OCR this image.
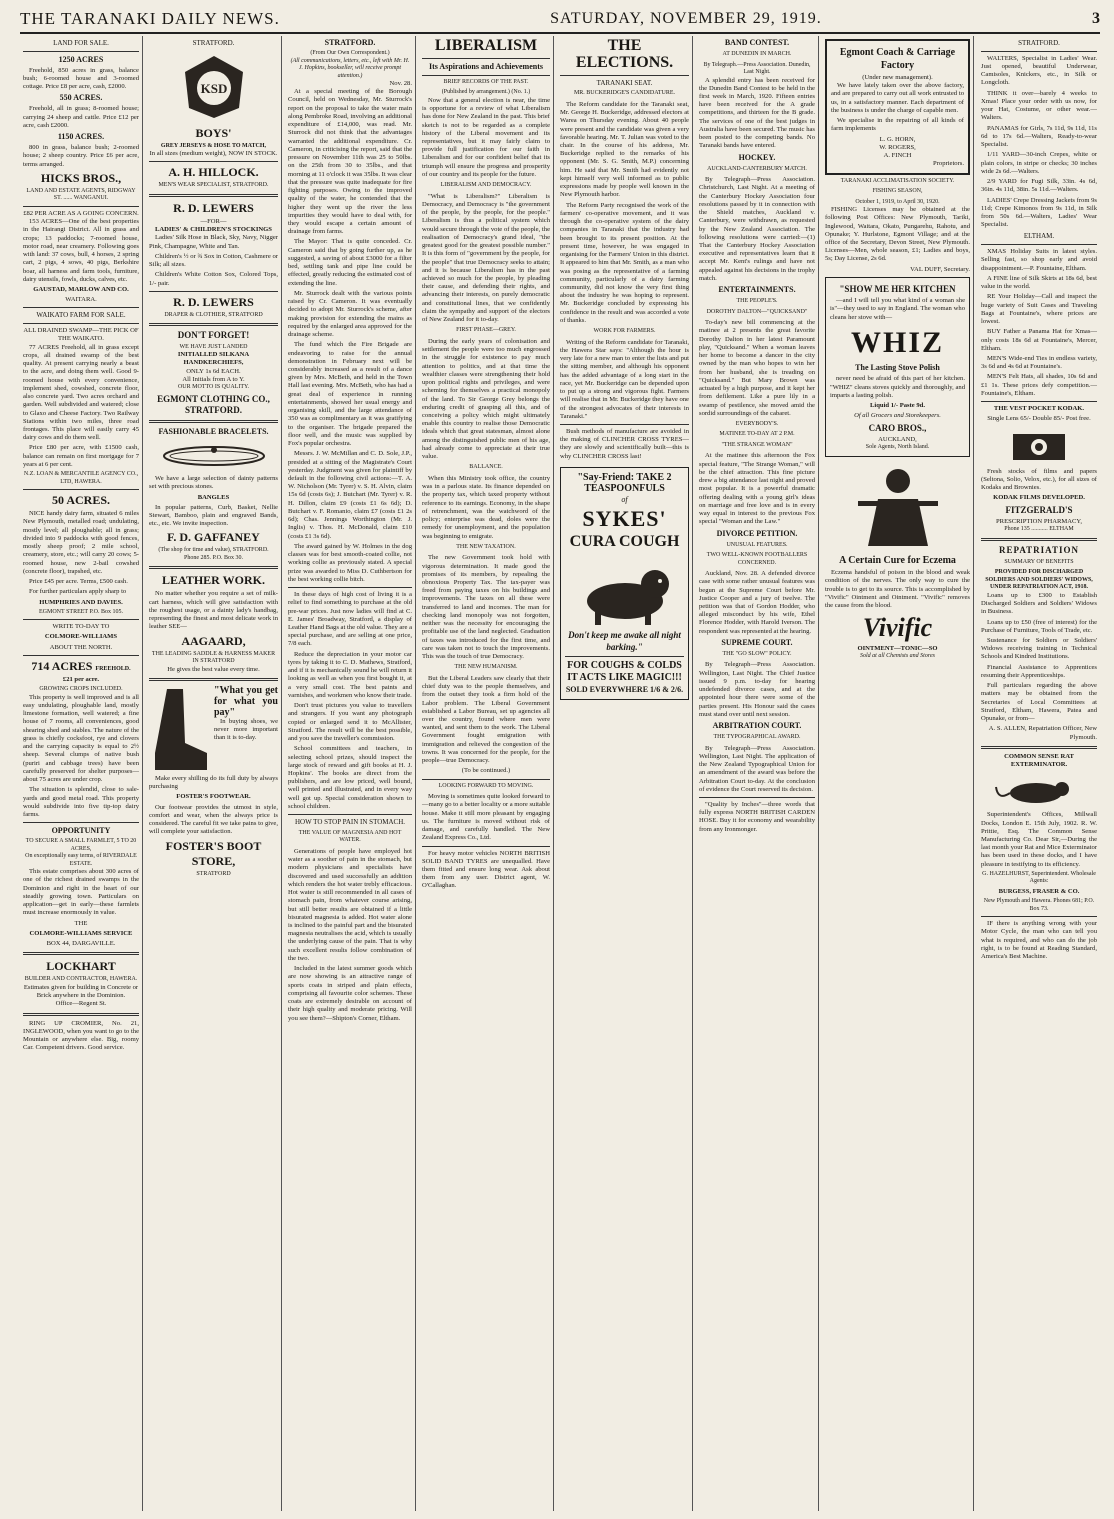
THE TARANAKI DAILY NEWS.	SATURDAY, NOVEMBER 29, 1919.	3
LAND FOR SALE.
1250 ACRES

Freehold, 850 acres in grass, balance bush; 6-roomed house and 3-roomed cottage. Price £8 per acre, cash, £2000.

550 ACRES.

Freehold, all in grass; 8-roomed house; carrying 24 sheep and cattle. Price £12 per acre, cash £2000.

1150 ACRES.

800 in grass, balance bush; 2-roomed house; 2 sheep country. Price £6 per acre, terms arranged.

HICKS BROS.,
LAND AND ESTATE AGENTS, RIDGWAY ST. ...... WANGANUI.
£82 PER ACRE AS A GOING CONCERN.

153 ACRES—One of the best properties in the Hairangi District. All in grass and crops; 13 paddocks; 7-roomed house, motor road, near creamery. Following goes with land: 37 cows, bull, 4 horses, 2 spring cart, 2 pigs, 4 sows, 40 pigs, Berkshire boar, all harness and farm tools, furniture, dairy utensils, fowls, ducks, calves, etc.

GAUSTAD, MARLOW AND CO.
WAITARA.
WAIKATO FARM FOR SALE.
ALL DRAINED SWAMP—THE PICK OF THE WAIKATO.

77 ACRES Freehold, all in grass except crops, all drained swamp of the best quality. At present carrying nearly a beast to the acre, and doing them well. Good 9-roomed house with every convenience, implement shed, cowshed, concrete floor, also concrete yard. Two acres orchard and garden. Well subdivided and watered; close to Glaxo and Cheese Factory. Two Railway Stations within two miles, three road frontages. This place will easily carry 45 dairy cows and do them well.

Price £80 per acre, with £1500 cash, balance can remain on first mortgage for 7 years at 6 per cent.

N.Z. LOAN & MERCANTILE AGENCY CO., LTD, HAWERA.
50 ACRES.

NICE handy dairy farm, situated 6 miles New Plymouth, metalled road; undulating, mostly level; all ploughable; all in grass; divided into 9 paddocks with good fences, mostly sheep proof; 2 mile school, creamery, store, etc.; will carry 20 cows; 5-roomed house, new 2-bail cowshed (concrete floor), trapshed, etc.

Price £45 per acre. Terms, £500 cash.

For further particulars apply sharp to

HUMPHRIES AND DAVIES.
EGMONT STREET P.O. Box 105.
WRITE TO-DAY TO
COLMORE-WILLIAMS
ABOUT THE NORTH.
714 ACRES FREEHOLD.
£21 per acre.
GROWING CROPS INCLUDED.

This property is well improved and is all easy undulating, ploughable land, mostly limestone formation, well watered; a fine house of 7 rooms, all conveniences, good shearing shed and stables. The nature of the grass is chiefly cocksfoot, rye and clovers and the carrying capacity is equal to 2½ sheep. Several clumps of native bush (puriri and cabbage trees) have been carefully preserved for shelter purposes—about 75 acres are under crop.

The situation is splendid, close to sale-yards and good metal road. This property would subdivide into five tip-top dairy farms.

OPPORTUNITY
TO SECURE A SMALL FARMLET, 5 TO 20 ACRES,
On exceptionally easy terms, of RIVERDALE ESTATE.

This estate comprises about 300 acres of one of the richest drained swamps in the Dominion and right in the heart of our steadily growing town. Particulars on application—get in early—these farmlets must increase enormously in value.

THE
COLMORE-WILLIAMS SERVICE
BOX 44, DARGAVILLE.
LOCKHART
BUILDER AND CONTRACTOR, HAWERA.
Estimates given for building in Concrete or Brick anywhere in the Dominion.
Office—Regent St.

RING UP CROMIER, No. 21, INGLEWOOD, when you want to go to the Mountain or anywhere else. Big, roomy Car. Competent drivers. Good service.

STRATFORD.
KSD
BOYS'
GREY JERSEYS & HOSE TO MATCH,
In all sizes (medium weight), NOW IN STOCK.
A. H. HILLOCK.
MEN'S WEAR SPECIALIST, STRATFORD.
R. D. LEWERS
—FOR—
LADIES' & CHILDREN'S STOCKINGS

Ladies' Silk Hose in Black, Sky, Navy, Nigger Pink, Champagne, White and Tan.

Children's ½ or ¾ Sox in Cotton, Cashmere or Silk; all sizes.

Children's White Cotton Sox, Colored Tops, 1/- pair.

R. D. LEWERS
DRAPER & CLOTHIER, STRATFORD
DON'T FORGET!
WE HAVE JUST LANDED
INITIALLED SILKANA HANDKERCHIEFS,
ONLY 1s 6d EACH.
All Initials from A to Y.
OUR MOTTO IS QUALITY.
EGMONT CLOTHING CO., STRATFORD.
FASHIONABLE BRACELETS.

We have a large selection of dainty patterns set with precious stones.

BANGLES

In popular patterns, Curb, Basket, Nellie Stewart, Bamboo, plain and engraved Bands, etc., etc. We invite inspection.

F. D. GAFFANEY
(The shop for time and value), STRATFORD.
Phone 285. P.O. Box 30.
LEATHER WORK.

No matter whether you require a set of milk-cart harness, which will give satisfaction with the roughest usage, or a dainty lady's handbag, representing the finest and most delicate work in leather SEE—

AAGAARD,
THE LEADING SADDLE & HARNESS MAKER IN STRATFORD
He gives the best value every time.
"What you get for what you pay"

In buying shoes, we never more important than it is to-day.

Make every shilling do its full duty by always purchasing

FOSTER'S FOOTWEAR.

Our footwear provides the utmost in style, comfort and wear, when the always price is considered. The careful fit we take pains to give, will complete your satisfaction.

FOSTER'S BOOT STORE,
STRATFORD
STRATFORD.
(From Our Own Correspondent.)
(All communications, letters, etc., left with Mr. H. J. Hopkins, bookseller, will receive prompt attention.)
Nov. 28.

At a special meeting of the Borough Council, held on Wednesday, Mr. Sturrock's report on the proposal to take the water main along Pembroke Road, involving an additional expenditure of £14,000, was read. Mr. Sturrock did not think that the advantages warranted the additional expenditure. Cr. Cameron, in criticising the report, said that the pressure on November 11th was 25 to 50lbs. on the 25th from 30 to 35lbs., and that morning at 11 o'clock it was 35lbs. It was clear that the pressure was quite inadequate for fire fighting purposes. Owing to the improved quality of the water, he contended that the higher they went up the river the less impurities they would have to deal with, for they would escape a certain amount of drainage from farms.

The Mayor: That is quite conceded. Cr. Cameron said that by going further up, as he suggested, a saving of about £3000 for a filter bed, settling tank and pipe line could be effected, greatly reducing the estimated cost of extending the line.

Mr. Sturrock dealt with the various points raised by Cr. Cameron. It was eventually decided to adopt Mr. Sturrock's scheme, after making provision for extending the mains as required by the enlarged area approved for the drainage scheme.

The fund which the Fire Brigade are endeavoring to raise for the annual demonstration in February next will be considerably increased as a result of a dance given by Mrs. McBeth, and held in the Town Hall last evening. Mrs. McBeth, who has had a great deal of experience in running entertainments, showed her usual energy and organising skill, and the large attendance of 350 was as complimentary as it was gratifying to the organiser. The brigade prepared the floor well, and the music was supplied by Fox's popular orchestra.

Messrs. J. W. McMillan and C. D. Sole, J.P., presided at a sitting of the Magistrate's Court yesterday. Judgment was given for plaintiff by default in the following civil actions:—T. A. W. Nicholson (Mr. Tyrer) v. S. H. Alvin, claim 15s 6d (costs 6s); J. Butchart (Mr. Tyrer) v. R. H. Dillon, claim £9 (costs £1 6s 6d); D. Butchart v. F. Romanio, claim £7 (costs £1 2s 6d); Chas. Jennings Worthington (Mr. J. Inglis) v. Thos. H. McDonald, claim £10 (costs £1 3s 6d).

The award gained by W. Holmes in the dog classes was for best smooth-coated collie, not working collie as previously stated. A special prize was awarded to Miss D. Cuthbertson for the best working collie bitch.

In these days of high cost of living it is a relief to find something to purchase at the old pre-war prices. Just now ladies will find at C. E. James' Broadway, Stratford, a display of Leather Hand Bags at the old value. They are a special purchase, and are selling at one price, 7/8 each.

Reduce the depreciation in your motor car tyres by taking it to C. D. Mathews, Stratford, and if it is mechanically sound he will return it looking as well as when you first bought it, at a very small cost. The best paints and varnishes, and workmen who know their trade.

Don't trust pictures you value to travellers and strangers. If you want any photograph copied or enlarged send it to McAllister, Stratford. The result will be the best possible, and you save the traveller's commission.

School committees and teachers, in selecting school prizes, should inspect the large stock of reward and gift books at H. J. Hopkins'. The books are direct from the publishers, and are low priced, well bound, well printed and illustrated, and in every way well got up. Special consideration shown to school children.

HOW TO STOP PAIN IN STOMACH.
THE VALUE OF MAGNESIA AND HOT WATER.

Generations of people have employed hot water as a soother of pain in the stomach, but modern physicians and specialists have discovered and used successfully an addition which renders the hot water trebly efficacious. Hot water is still recommended in all cases of stomach pain, from whatever course arising, but still better results are obtained if a little bisurated magnesia is added. Hot water alone is inclined to the painful part and the bisurated magnesia neutralises the acid, which is usually the underlying cause of the pain. That is why such excellent results follow combination of the two.

Included in the latest summer goods which are now showing is an attractive range of sports coats in striped and plain effects, comprising all favourite color schemes. These coats are extremely desirable on account of their high quality and moderate pricing. Will you see them?—Shipton's Corner, Eltham.

LIBERALISM
Its Aspirations and Achievements
BRIEF RECORDS OF THE PAST.
(Published by arrangement.) (No. 1.)

Now that a general election is near, the time is opportune for a review of what Liberalism has done for New Zealand in the past. This brief sketch is not to be regarded as a complete history of the Liberal movement and its representatives, but it may fairly claim to provide full justification for our faith in Liberalism and for our confident belief that its triumph will ensure the progress and prosperity of our country and its people for the future.

LIBERALISM AND DEMOCRACY.

"What is Liberalism?" Liberalism is Democracy, and Democracy is "the government of the people, by the people, for the people." Liberalism is thus a political system which would secure through the vote of the people, the realisation of Democracy's grand ideal, "the greatest good for the greatest possible number." It is this form of "government by the people, for the people" that true Democracy seeks to attain; and it is because Liberalism has in the past achieved so much for the people, by pleading their cause, and defending their rights, and advancing their interests, on purely democratic and constitutional lines, that we confidently claim the sympathy and support of the electors of New Zealand for it to-day.

FIRST PHASE—GREY.

During the early years of colonisation and settlement the people were too much engrossed in the struggle for existence to pay much attention to politics, and at that time the wealthier classes were strengthening their hold upon political rights and privileges, and were scheming for themselves a practical monopoly of the land. To Sir George Grey belongs the enduring credit of grasping all this, and of conceiving a policy which might ultimately enable this country to realise those Democratic ideals which that great statesman, almost alone among the distinguished public men of his age, had already come to appreciate at their true value.

BALLANCE.

When this Ministry took office, the country was in a parlous state. Its finance depended on the property tax, which taxed property without reference to its earnings. Economy, in the shape of retrenchment, was the watchword of the policy; enterprise was dead, doles were the remedy for unemployment, and the population was beginning to emigrate.

THE NEW TAXATION.

The new Government took hold with vigorous determination. It made good the promises of its members, by repealing the obnoxious Property Tax. The tax-payer was freed from paying taxes on his buildings and improvements. The taxes on all these were transferred to land and incomes. The man for checking land monopoly was not forgotten, neither was the necessity for encouraging the profitable use of the land neglected. Graduation of taxes was introduced for the first time, and care was taken not to touch the improvements. This was the touch of true Democracy.

THE NEW HUMANISM.

But the Liberal Leaders saw clearly that their chief duty was to the people themselves, and from the outset they took a firm hold of the Labor problem. The Liberal Government established a Labor Bureau, set up agencies all over the country, found where men were wanted, and sent them to the work. The Liberal Government fought emigration with immigration and relieved the congestion of the towns. It was concerned for the people, for the people—true Democracy.

(To be continued.)
LOOKING FORWARD TO MOVING.

Moving is sometimes quite looked forward to—many go to a better locality or a more suitable house. Make it still more pleasant by engaging us. The furniture is moved without risk of damage, and carefully handled. The New Zealand Express Co., Ltd.

For heavy motor vehicles NORTH BRITISH SOLID BAND TYRES are unequalled. Have them fitted and ensure long wear. Ask about them from any user. District agent, W. O'Callaghan.

THE ELECTIONS.
TARANAKI SEAT.
MR. BUCKERIDGE'S CANDIDATURE.

The Reform candidate for the Taranaki seat, Mr. George H. Buckeridge, addressed electors at Warea on Thursday evening. About 40 people were present and the candidate was given a very favorable hearing. Mr. T. Julian was voted to the chair. In the course of his address, Mr. Buckeridge replied to the remarks of his opponent (Mr. S. G. Smith, M.P.) concerning him. He said that Mr. Smith had evidently not kept himself very well informed as to public expressions made by people well known in the New Plymouth harbor.

The Reform Party recognised the work of the farmers' co-operative movement, and it was through the co-operative system of the dairy companies in Taranaki that the industry had been brought to its present position. At the present time, however, he was engaged in organising for the Farmers' Union in this district. It appeared to him that Mr. Smith, as a man who was posing as the representative of a farming community, particularly of a dairy farming community, did not know the very first thing about the industry he was hoping to represent. Mr. Buckeridge concluded by expressing his confidence in the result and was accorded a vote of thanks.

WORK FOR FARMERS.

Writing of the Reform candidate for Taranaki, the Hawera Star says: "Although the hour is very late for a new man to enter the lists and put the sitting member, and although his opponent has the added advantage of a long start in the race, yet Mr. Buckeridge can be depended upon to put up a strong and vigorous fight. Farmers will realise that in Mr. Buckeridge they have one of the strongest advocates of their interests in Taranaki."

Bush methods of manufacture are avoided in the making of CLINCHER CROSS TYRES—they are slowly and scientifically built—this is why CLINCHER CROSS last!

"Say-Friend: TAKE 2 TEASPOONFULS
of
SYKES'
CURA COUGH
Don't keep me awake all night barking."
FOR COUGHS & COLDS
IT ACTS LIKE MAGIC!!!
SOLD EVERYWHERE 1/6 & 2/6.
BAND CONTEST.
AT DUNEDIN IN MARCH.
By Telegraph.—Press Association. Dunedin, Last Night.

A splendid entry has been received for the Dunedin Band Contest to be held in the first week in March, 1920. Fifteen entries have been received for the A grade competitions, and thirteen for the B grade. The services of one of the best judges in Australia have been secured. The music has been posted to the competing bands. No Taranaki bands have entered.

HOCKEY.
AUCKLAND-CANTERBURY MATCH.

By Telegraph—Press Association. Christchurch, Last Night. At a meeting of the Canterbury Hockey Association four resolutions passed by it in connection with the Shield matches, Auckland v. Canterbury, were withdrawn, as requested by the New Zealand Association. The following resolutions were carried:—(1) That the Canterbury Hockey Association executive and representatives learn that it accept Mr. Kent's rulings and have not appealed against his decisions in the trophy match.

ENTERTAINMENTS.
THE PEOPLE'S.
DOROTHY DALTON—"QUICKSAND"

To-day's new bill commencing at the matinee at 2 presents the great favorite Dorothy Dalton in her latest Paramount play, "Quicksand." When a woman leaves her home to become a dancer in the city owned by the man who hopes to win her from her husband, she is treading on "Quicksand." But Mary Brown was actuated by a high purpose, and it kept her from defilement. Like a pure lily in a swamp of pestilence, she moved amid the sordid surroundings of the cabaret.

EVERYBODY'S.
MATINEE TO-DAY AT 2 P.M.
"THE STRANGE WOMAN"

At the matinee this afternoon the Fox special feature, "The Strange Woman," will be the chief attraction. This fine picture drew a big attendance last night and proved most popular. It is a powerful dramatic offering dealing with a young girl's ideas on marriage and free love and is in every way equal in interest to the previous Fox special "Woman and the Law."

DIVORCE PETITION.
UNUSUAL FEATURES.
TWO WELL-KNOWN FOOTBALLERS CONCERNED.

Auckland, Nov. 28. A defended divorce case with some rather unusual features was begun at the Supreme Court before Mr. Justice Cooper and a jury of twelve. The petition was that of Gordon Hodder, who alleged misconduct by his wife, Ethel Florence Hodder, with Harold Iverson. The respondent was represented at the hearing.

SUPREME COURT.
THE "GO SLOW" POLICY.

By Telegraph—Press Association. Wellington, Last Night. The Chief Justice issued 9 p.m. to-day for hearing undefended divorce cases, and at the appointed hour there were some of the parties present. His Honour said the cases must stand over until next session.

ARBITRATION COURT.
THE TYPOGRAPHICAL AWARD.

By Telegraph—Press Association. Wellington, Last Night. The application of the New Zealand Typographical Union for an amendment of the award was before the Arbitration Court to-day. At the conclusion of evidence the Court reserved its decision.

"Quality by Inches"—three words that fully express NORTH BRITISH CARDEN HOSE. Buy it for economy and wearability from any Ironmonger.

Egmont Coach & Carriage Factory
(Under new management).

We have lately taken over the above factory, and are prepared to carry out all work entrusted to us, in a satisfactory manner. Each department of the business is under the charge of capable men.

We specialise in the repairing of all kinds of farm implements

L. G. HORN,
W. ROGERS,
A. FINCH
Proprietors.
TARANAKI ACCLIMATISATION SOCIETY.
FISHING SEASON,
October 1, 1919, to April 30, 1920.

FISHING Licenses may be obtained at the following Post Offices: New Plymouth, Tariki, Inglewood, Waitara, Okato, Pungarehu, Rahotu, and Opunake; Y. Hurlstone, Egmont Village; and at the office of the Secretary, Devon Street, New Plymouth. Licenses—Men, whole season, £1; Ladies and boys, 5s; Day License, 2s 6d.

VAL DUFF, Secretary.
"SHOW ME HER KITCHEN

—and I will tell you what kind of a woman she is"—they used to say in England. The woman who cleans her stove with—

WHIZ
The Lasting Stove Polish

never need be afraid of this part of her kitchen. "WHIZ" cleans stoves quickly and thoroughly, and imparts a lasting polish.

Liquid 1/- Paste 9d.
Of all Grocers and Storekeepers.
CARO BROS.,
AUCKLAND,
Sole Agents, North Island.
A Certain Cure for Eczema

Eczema handsful of poison in the blood and weak condition of the nerves. The only way to cure the trouble is to get to its source. This is accomplished by "Vivific" Ointment and Ointment. "Vivific" removes the cause from the blood.

Vivific
OINTMENT—TONIC—SO
Sold at all Chemists and Stores
STRATFORD.

WALTERS, Specialist in Ladies' Wear. Just opened, beautiful Underwear, Camisoles, Knickers, etc., in Silk or Longcloth.

THINK it over—barely 4 weeks to Xmas! Place your order with us now, for your Hat, Costume, or other wear.—Walters.

PANAMAS for Girls, 7s 11d, 9s 11d, 11s 6d to 17s 6d.—Walters, Ready-to-wear Specialist.

1/11 YARD—30-inch Crepes, white or plain colors, in stripe or checks; 30 inches wide 2s 6d.—Walters.

2/9 YARD for Fugi Silk, 33in. 4s 6d, 36in. 4s 11d, 38in. 5s 11d.—Walters.

LADIES' Crepe Dressing Jackets from 9s 11d; Crepe Kimonos from 9s 11d, in Silk from 50s 6d.—Walters, Ladies' Wear Specialist.

ELTHAM.

XMAS Holiday Suits in latest styles. Selling fast, so shop early and avoid disappointment.—P. Fountaine, Eltham.

A FINE line of Silk Skirts at 18s 6d, best value in the world.

RE Your Holiday—Call and inspect the huge variety of Suit Cases and Traveling Bags at Fountaine's, where prices are lowest.

BUY Father a Panama Hat for Xmas—only costs 18s 6d at Fountaine's, Mercer, Eltham.

MEN'S Wide-end Ties in endless variety, 3s 6d and 4s 6d at Fountaine's.

MEN'S Felt Hats, all shades, 10s 6d and £1 1s. These prices defy competition.—Fountaine's, Eltham.

THE VEST POCKET KODAK.
Single Lens 65/- Double 85/- Post free.

Fresh stocks of films and papers (Seltona, Solio, Velox, etc.), for all sizes of Kodaks and Brownies.

KODAK FILMS DEVELOPED.
FITZGERALD'S
PRESCRIPTION PHARMACY,
Phone 135 ........... ELTHAM
REPATRIATION
SUMMARY OF BENEFITS
PROVIDED FOR DISCHARGED SOLDIERS AND SOLDIERS' WIDOWS, UNDER REPATRIATION ACT, 1918.

Loans up to £300 to Establish Discharged Soldiers and Soldiers' Widows in Business.

Loans up to £50 (free of interest) for the Purchase of Furniture, Tools of Trade, etc.

Sustenance for Soldiers or Soldiers' Widows receiving training in Technical Schools and Kindred Institutions.

Financial Assistance to Apprentices resuming their Apprenticeships.

Full particulars regarding the above matters may be obtained from the Secretaries of Local Committees at Stratford, Eltham, Hawera, Patea and Opunake, or from—

A. S. ALLEN, Repatriation Officer, New Plymouth.
COMMON SENSE RAT EXTERMINATOR.

Superintendent's Offices, Millwall Docks, London E. 15th July, 1902. R. W. Prittie, Esq. The Common Sense Manufacturing Co. Dear Sir,—During the last month your Rat and Mice Exterminator has been used in these docks, and I have pleasure in testifying to its efficiency.

G. HAZELHURST, Superintendent. Wholesale Agents:
BURGESS, FRASER & CO.
New Plymouth and Hawera. Phones 681; P.O. Box 73.

IF there is anything wrong with your Motor Cycle, the man who can tell you what is required, and who can do the job right, is to be found at Reading Standard, America's Best Machine.
